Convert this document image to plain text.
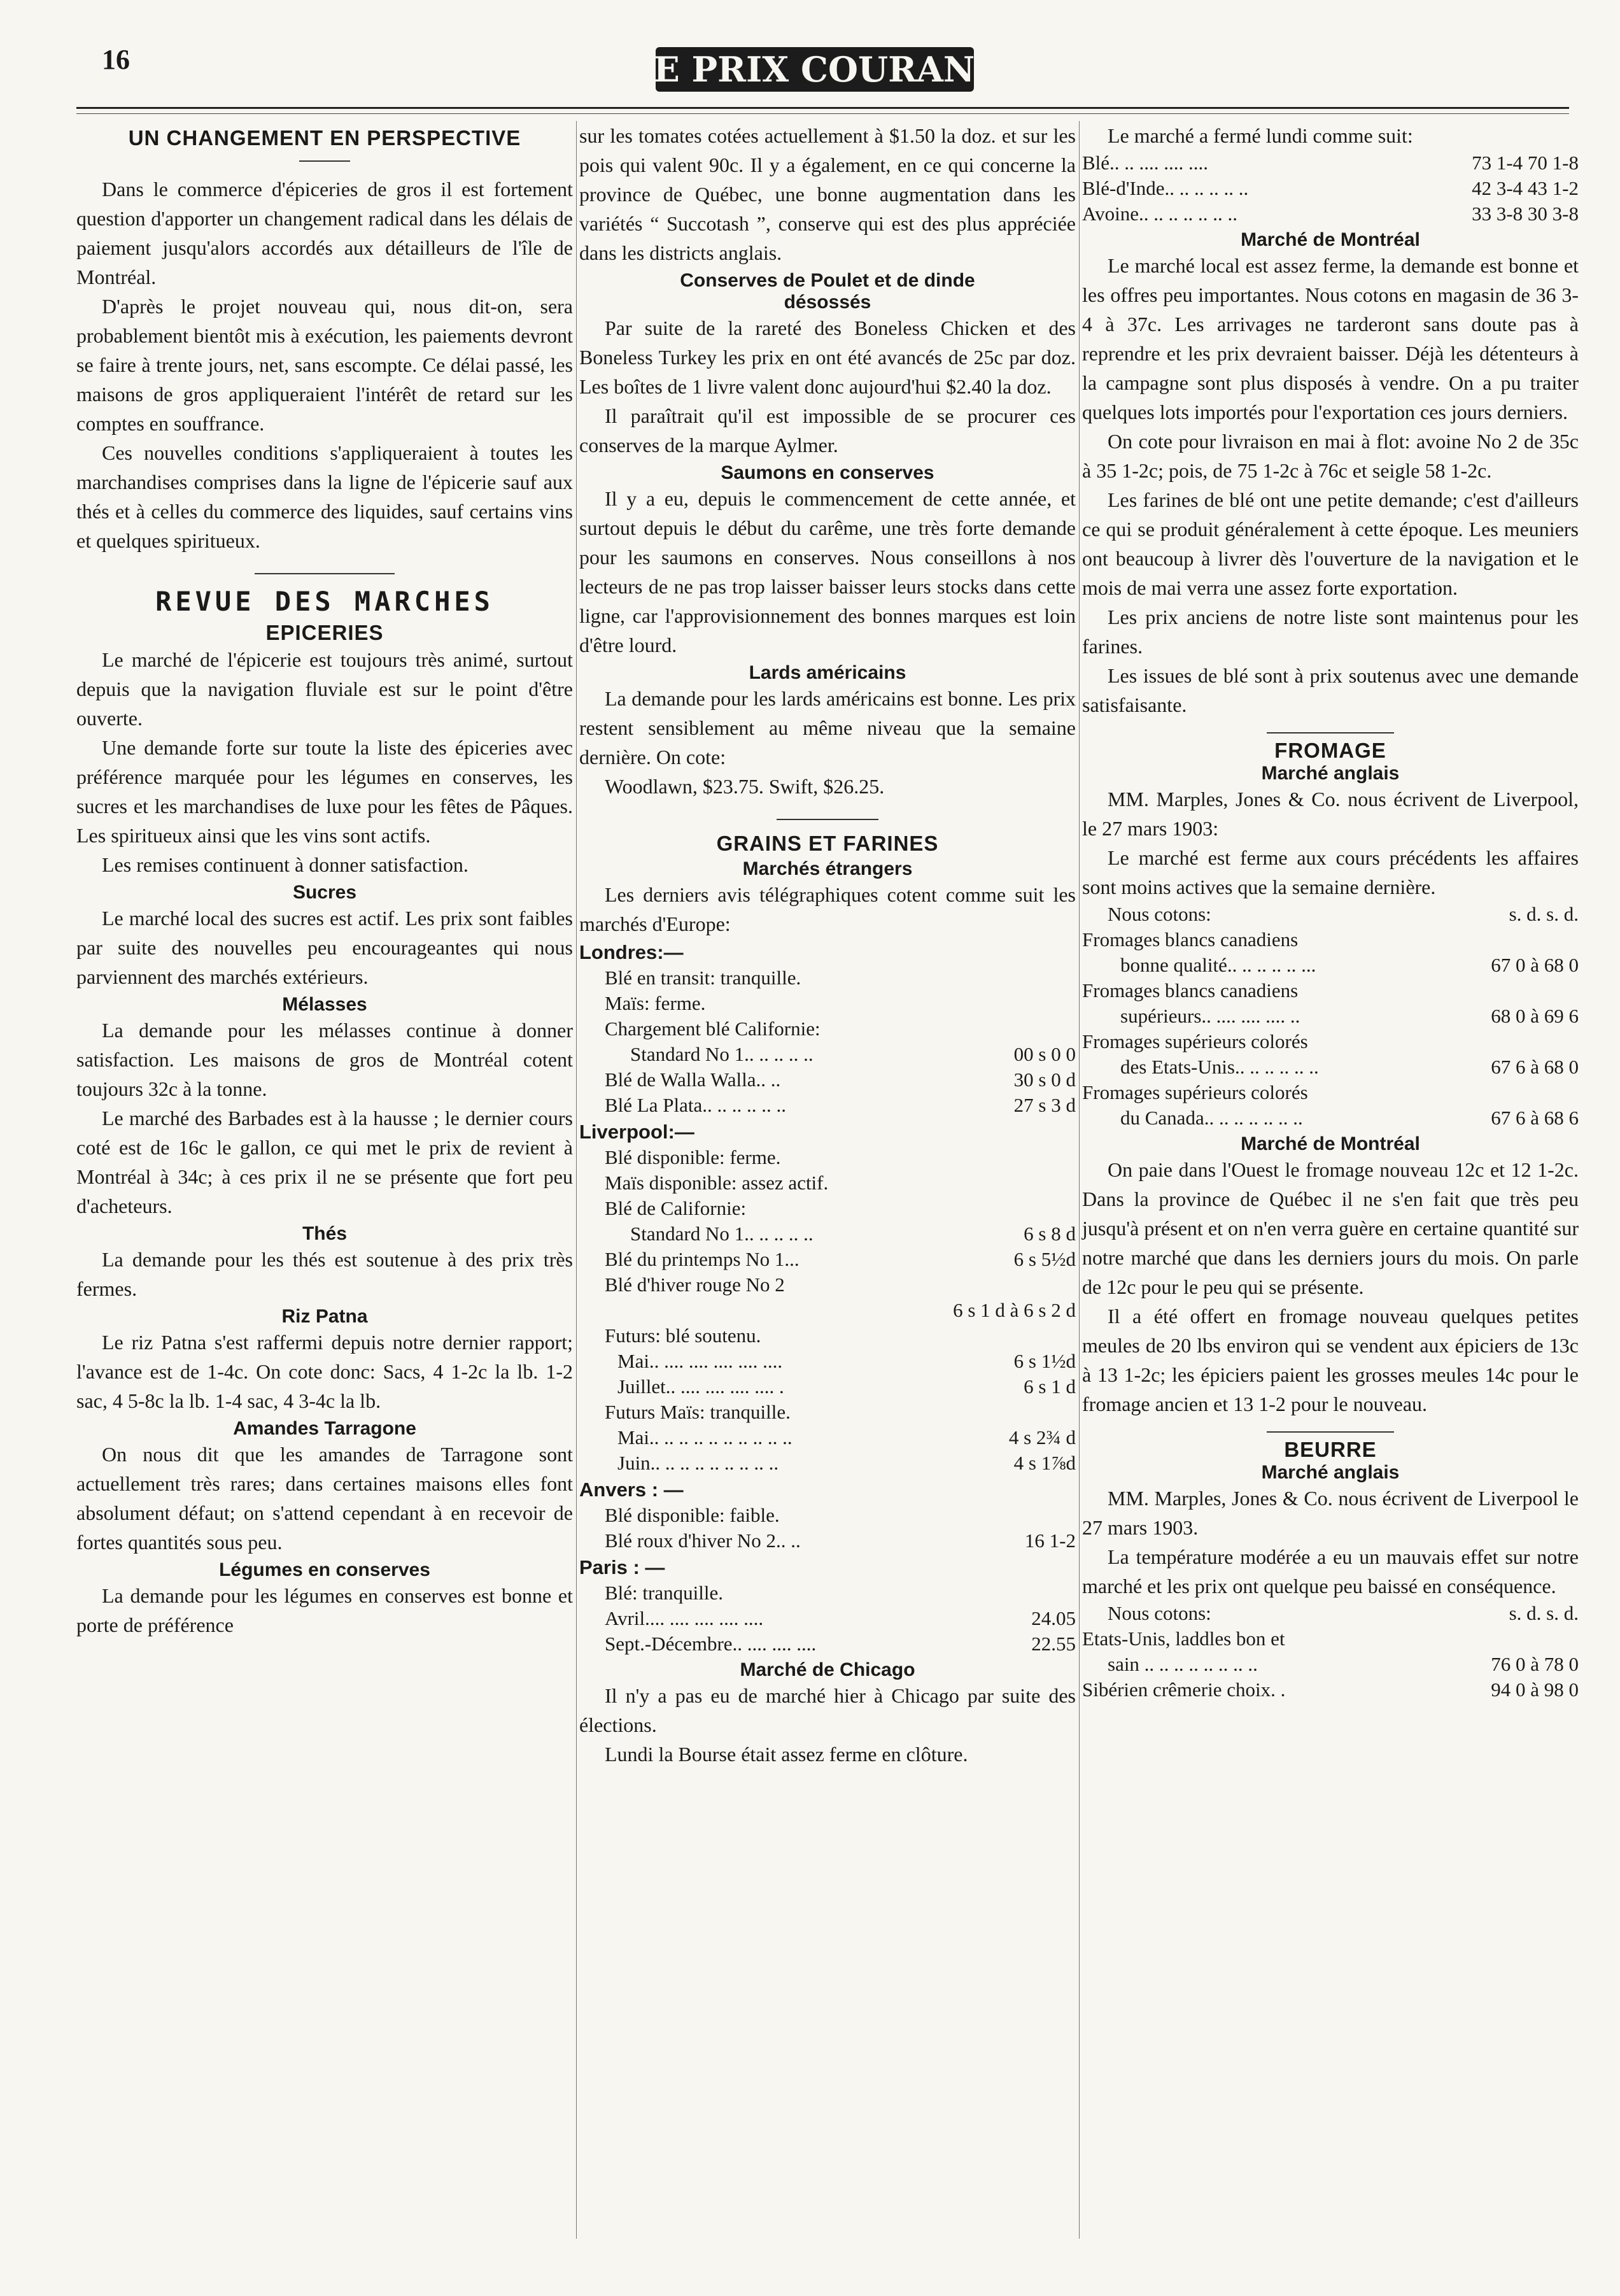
16	LE PRIX COURANT
UN CHANGEMENT EN PERSPECTIVE

Dans le commerce d'épiceries de gros il est fortement question d'apporter un changement radical dans les délais de paiement jusqu'alors accordés aux détailleurs de l'île de Montréal.

D'après le projet nouveau qui, nous dit-on, sera probablement bientôt mis à exécution, les paiements devront se faire à trente jours, net, sans escompte. Ce délai passé, les maisons de gros appliqueraient l'intérêt de retard sur les comptes en souffrance.

Ces nouvelles conditions s'appliqueraient à toutes les marchandises comprises dans la ligne de l'épicerie sauf aux thés et à celles du commerce des liquides, sauf certains vins et quelques spiritueux.

REVUE DES MARCHES
EPICERIES

Le marché de l'épicerie est toujours très animé, surtout depuis que la navigation fluviale est sur le point d'être ouverte.

Une demande forte sur toute la liste des épiceries avec préférence marquée pour les légumes en conserves, les sucres et les marchandises de luxe pour les fêtes de Pâques. Les spiritueux ainsi que les vins sont actifs.

Les remises continuent à donner satisfaction.

Sucres

Le marché local des sucres est actif. Les prix sont faibles par suite des nouvelles peu encourageantes qui nous parviennent des marchés extérieurs.

Mélasses

La demande pour les mélasses continue à donner satisfaction. Les maisons de gros de Montréal cotent toujours 32c à la tonne.

Le marché des Barbades est à la hausse ; le dernier cours coté est de 16c le gallon, ce qui met le prix de revient à Montréal à 34c; à ces prix il ne se présente que fort peu d'acheteurs.

Thés

La demande pour les thés est soutenue à des prix très fermes.

Riz Patna

Le riz Patna s'est raffermi depuis notre dernier rapport; l'avance est de 1-4c. On cote donc: Sacs, 4 1-2c la lb. 1-2 sac, 4 5-8c la lb. 1-4 sac, 4 3-4c la lb.

Amandes Tarragone

On nous dit que les amandes de Tarragone sont actuellement très rares; dans certaines maisons elles font absolument défaut; on s'attend cependant à en recevoir de fortes quantités sous peu.

Légumes en conserves

La demande pour les légumes en conserves est bonne et porte de préférence

sur les tomates cotées actuellement à $1.50 la doz. et sur les pois qui valent 90c. Il y a également, en ce qui concerne la province de Québec, une bonne augmentation dans les variétés “ Succotash ”, conserve qui est des plus appréciée dans les districts anglais.

Conserves de Poulet et de dinde
désossés

Par suite de la rareté des Boneless Chicken et des Boneless Turkey les prix en ont été avancés de 25c par doz. Les boîtes de 1 livre valent donc aujourd'hui $2.40 la doz.

Il paraîtrait qu'il est impossible de se procurer ces conserves de la marque Aylmer.

Saumons en conserves

Il y a eu, depuis le commencement de cette année, et surtout depuis le début du carême, une très forte demande pour les saumons en conserves. Nous conseillons à nos lecteurs de ne pas trop laisser baisser leurs stocks dans cette ligne, car l'approvisionnement des bonnes marques est loin d'être lourd.

Lards américains

La demande pour les lards américains est bonne. Les prix restent sensiblement au même niveau que la semaine dernière. On cote:

Woodlawn, $23.75. Swift, $26.25.

GRAINS ET FARINES
Marchés étrangers

Les derniers avis télégraphiques cotent comme suit les marchés d'Europe:

Londres:—
Blé en transit: tranquille.
Maïs: ferme.
Chargement blé Californie:
Standard No 1.. .. .. .. ..	00 s 0 0
Blé de Walla Walla.. ..	30 s 0 d
Blé La Plata.. .. .. .. .. ..	27 s 3 d
Liverpool:—
Blé disponible: ferme.
Maïs disponible: assez actif.
Blé de Californie:
Standard No 1.. .. .. .. ..	6 s 8 d
Blé du printemps No 1...	6 s 5½d
Blé d'hiver rouge No 2
6 s 1 d à 6 s 2 d
Futurs: blé soutenu.
Mai.. .... .... .... .... ....	6 s 1½d
Juillet.. .... .... .... .... .	6 s 1 d
Futurs Maïs: tranquille.
Mai.. .. .. .. .. .. .. .. .. ..	4 s 2¾ d
Juin.. .. .. .. .. .. .. .. ..	4 s 1⅞d
Anvers : —
Blé disponible: faible.
Blé roux d'hiver No 2.. ..	16 1-2
Paris : —
Blé: tranquille.
Avril.... .... .... .... ....	24.05
Sept.-Décembre.. .... .... ....	22.55
Marché de Chicago

Il n'y a pas eu de marché hier à Chicago par suite des élections.

Lundi la Bourse était assez ferme en clôture.

Le marché a fermé lundi comme suit:

Blé.. .. .... .... ....	73 1-4 70 1-8
Blé-d'Inde.. .. .. .. .. ..	42 3-4 43 1-2
Avoine.. .. .. .. .. .. ..	33 3-8 30 3-8
Marché de Montréal

Le marché local est assez ferme, la demande est bonne et les offres peu importantes. Nous cotons en magasin de 36 3-4 à 37c. Les arrivages ne tarderont sans doute pas à reprendre et les prix devraient baisser. Déjà les détenteurs à la campagne sont plus disposés à vendre. On a pu traiter quelques lots importés pour l'exportation ces jours derniers.

On cote pour livraison en mai à flot: avoine No 2 de 35c à 35 1-2c; pois, de 75 1-2c à 76c et seigle 58 1-2c.

Les farines de blé ont une petite demande; c'est d'ailleurs ce qui se produit généralement à cette époque. Les meuniers ont beaucoup à livrer dès l'ouverture de la navigation et le mois de mai verra une assez forte exportation.

Les prix anciens de notre liste sont maintenus pour les farines.

Les issues de blé sont à prix soutenus avec une demande satisfaisante.

FROMAGE
Marché anglais

MM. Marples, Jones & Co. nous écrivent de Liverpool, le 27 mars 1903:

Le marché est ferme aux cours précédents les affaires sont moins actives que la semaine dernière.

Nous cotons:	s. d. s. d.
Fromages blancs canadiens
bonne qualité.. .. .. .. .. ...	67 0 à 68 0
Fromages blancs canadiens
supérieurs.. .... .... .... ..	68 0 à 69 6
Fromages supérieurs colorés
des Etats-Unis.. .. .. .. .. ..	67 6 à 68 0
Fromages supérieurs colorés
du Canada.. .. .. .. .. .. ..	67 6 à 68 6
Marché de Montréal

On paie dans l'Ouest le fromage nouveau 12c et 12 1-2c. Dans la province de Québec il ne s'en fait que très peu jusqu'à présent et on n'en verra guère en certaine quantité sur notre marché que dans les derniers jours du mois. On parle de 12c pour le peu qui se présente.

Il a été offert en fromage nouveau quelques petites meules de 20 lbs environ qui se vendent aux épiciers de 13c à 13 1-2c; les épiciers paient les grosses meules 14c pour le fromage ancien et 13 1-2 pour le nouveau.

BEURRE
Marché anglais

MM. Marples, Jones & Co. nous écrivent de Liverpool le 27 mars 1903.

La température modérée a eu un mauvais effet sur notre marché et les prix ont quelque peu baissé en conséquence.

Nous cotons:	s. d. s. d.
Etats-Unis, laddles bon et
sain .. .. .. .. .. .. .. ..	76 0 à 78 0
Sibérien crêmerie choix. .	94 0 à 98 0
